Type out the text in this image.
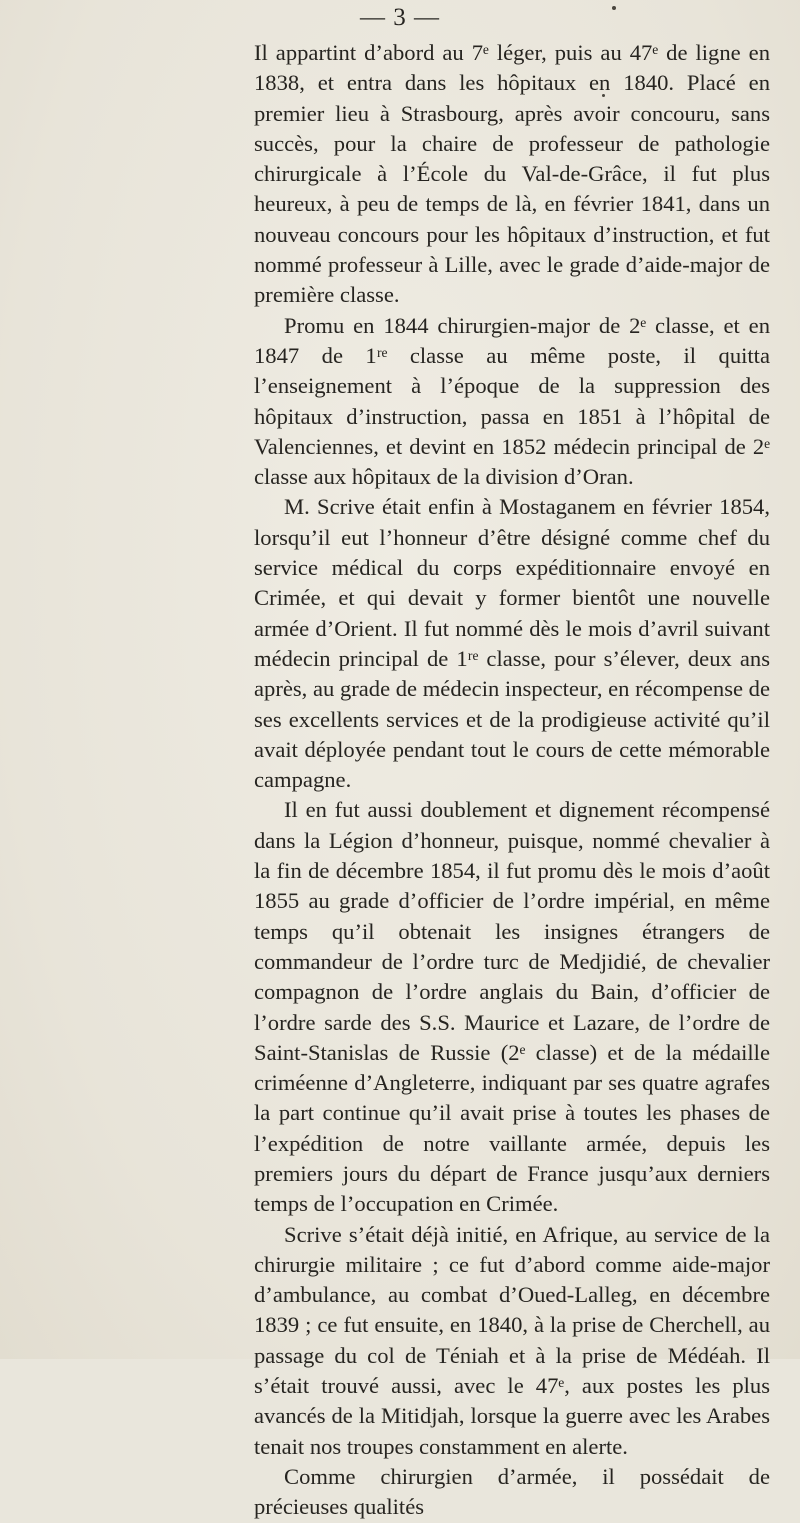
— 3 —

Il appartint d’abord au 7ᵉ léger, puis au 47ᵉ de ligne en 1838, et entra dans les hôpitaux en 1840. Placé en premier lieu à Strasbourg, après avoir concouru, sans succès, pour la chaire de professeur de pathologie chirurgicale à l’École du Val-de-Grâce, il fut plus heureux, à peu de temps de là, en février 1841, dans un nouveau concours pour les hôpitaux d’instruction, et fut nommé professeur à Lille, avec le grade d’aide-major de première classe.

Promu en 1844 chirurgien-major de 2ᵉ classe, et en 1847 de 1ʳᵉ classe au même poste, il quitta l’enseignement à l’époque de la suppression des hôpitaux d’instruction, passa en 1851 à l’hôpital de Valenciennes, et devint en 1852 médecin principal de 2ᵉ classe aux hôpitaux de la division d’Oran.

M. Scrive était enfin à Mostaganem en février 1854, lorsqu’il eut l’honneur d’être désigné comme chef du service médical du corps expéditionnaire envoyé en Crimée, et qui devait y former bientôt une nouvelle armée d’Orient. Il fut nommé dès le mois d’avril suivant médecin principal de 1ʳᵉ classe, pour s’élever, deux ans après, au grade de médecin inspecteur, en récompense de ses excellents services et de la prodigieuse activité qu’il avait déployée pendant tout le cours de cette mémorable campagne.

Il en fut aussi doublement et dignement récompensé dans la Légion d’honneur, puisque, nommé chevalier à la fin de décembre 1854, il fut promu dès le mois d’août 1855 au grade d’officier de l’ordre impérial, en même temps qu’il obtenait les insignes étrangers de commandeur de l’ordre turc de Medjidié, de chevalier compagnon de l’ordre anglais du Bain, d’officier de l’ordre sarde des S.S. Maurice et Lazare, de l’ordre de Saint-Stanislas de Russie (2ᵉ classe) et de la médaille criméenne d’Angleterre, indiquant par ses quatre agrafes la part continue qu’il avait prise à toutes les phases de l’expédition de notre vaillante armée, depuis les premiers jours du départ de France jusqu’aux derniers temps de l’occupation en Crimée.

Scrive s’était déjà initié, en Afrique, au service de la chirurgie militaire ; ce fut d’abord comme aide-major d’ambulance, au combat d’Oued-Lalleg, en décembre 1839 ; ce fut ensuite, en 1840, à la prise de Cherchell, au passage du col de Téniah et à la prise de Médéah. Il s’était trouvé aussi, avec le 47ᵉ, aux postes les plus avancés de la Mitidjah, lorsque la guerre avec les Arabes tenait nos troupes constamment en alerte.

Comme chirurgien d’armée, il possédait de précieuses qualités
